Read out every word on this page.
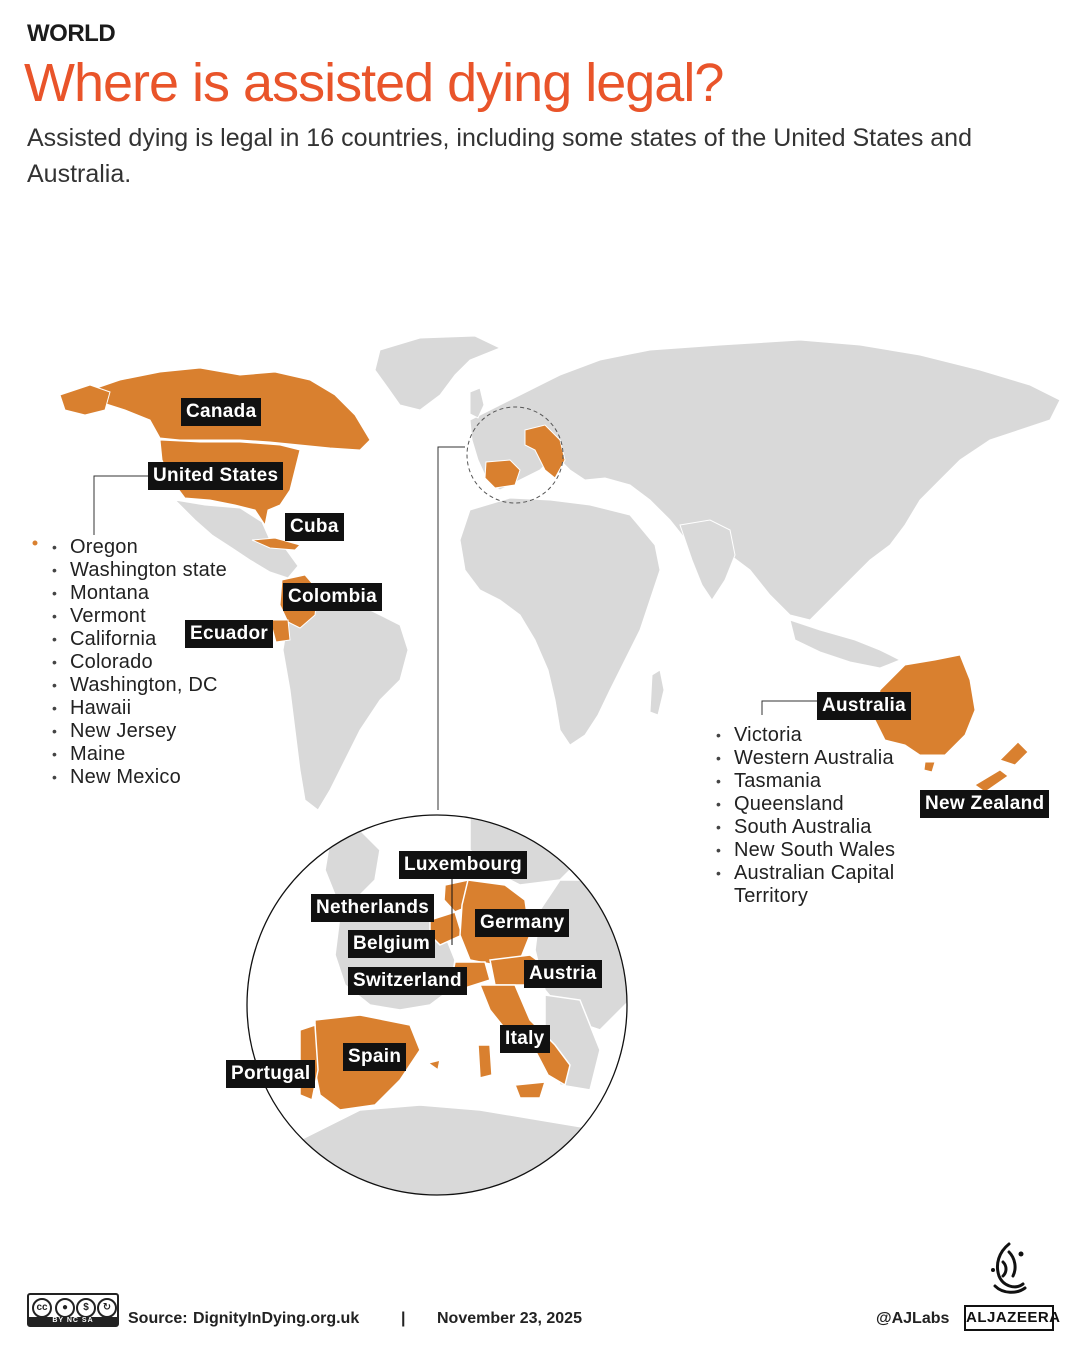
WORLD
Where is assisted dying legal?
Assisted dying is legal in 16 countries, including some states of the United States and Australia.
Canada
United States
Cuba
Colombia
Ecuador
Australia
New Zealand
Luxembourg
Netherlands
Germany
Belgium
Switzerland	Austria
Italy
Spain
Portugal
• Oregon
• Washington state
• Montana
• Vermont
• California
• Colorado
• Washington, DC
• Hawaii
• New Jersey
• Maine
• New Mexico
• Victoria
• Western Australia
• Tasmania
• Queensland
• South Australia
• New South Wales
• Australian Capital
Territory
cc	●	$	↻
BY NC SA	Source: DignityInDying.org.uk	| November 23, 2025	@AJLabs ALJAZEERA
